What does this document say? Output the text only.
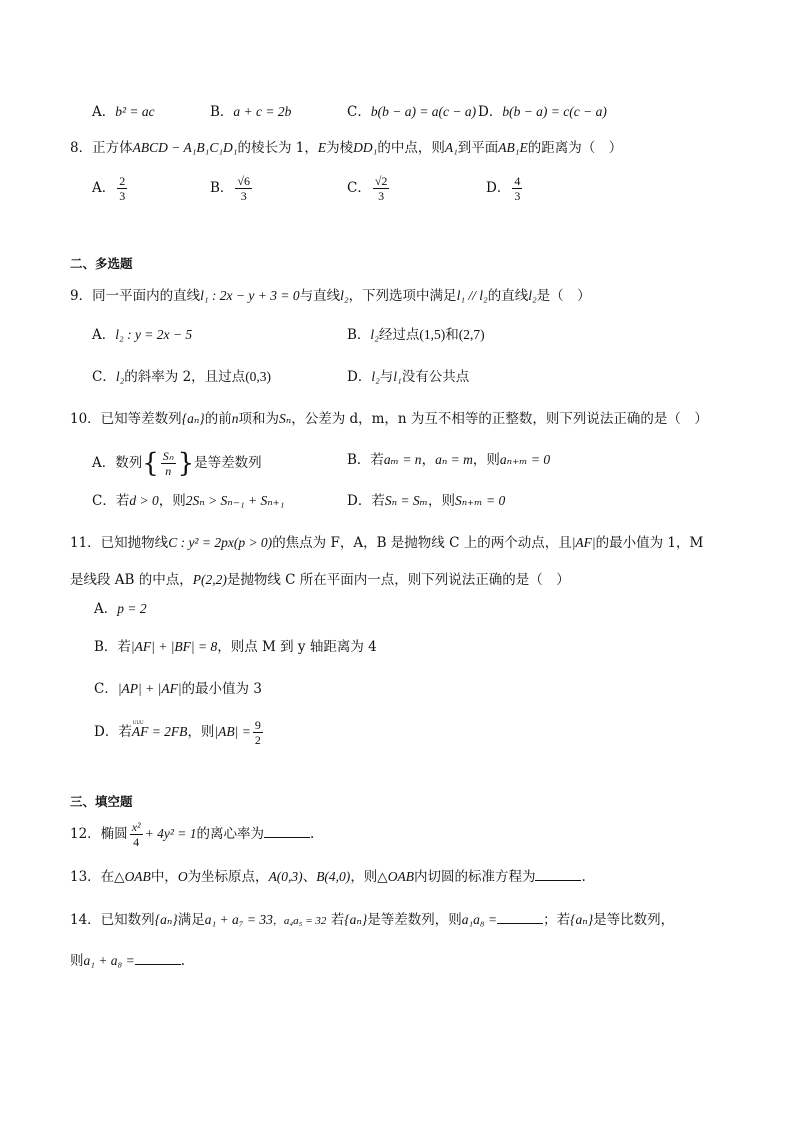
A．b² = ac	B．a + c = 2b	C．b(b − a) = a(c − a) D．b(b − a) = c(c − a)
8．正方体ABCD − A₁B₁C₁D₁的棱长为 1，E为棱DD₁的中点，则A₁到平面AB₁E的距离为（　）
A． $\frac{2}{3}$	B． $\frac{√6}{3}$	C． $\frac{√2}{3}$	D． $\frac{4}{3}$
二、多选题
9．同一平面内的直线l₁ : 2x − y + 3 = 0与直线l₂，下列选项中满足l₁ // l₂的直线l₂是（　）
A．l₂ : y = 2x − 5	B．l₂经过点(1,5)和(2,7)
C．l₂的斜率为 2，且过点(0,3)	D．l₂与l₁没有公共点
10．已知等差数列{aₙ}的前n项和为Sₙ，公差为 d，m，n 为互不相等的正整数，则下列说法正确的是（　）
A．数列{ $\frac{\text{Sₙ}}{n}$ }是等差数列	B．若aₘ = n，aₙ = m，则aₙ₊ₘ = 0
C．若d > 0，则2Sₙ > Sₙ₋₁ + Sₙ₊₁	D．若Sₙ = Sₘ，则Sₙ₊ₘ = 0
11．已知抛物线C : y² = 2px(p > 0)的焦点为 F，A，B 是抛物线 C 上的两个动点，且|AF|的最小值为 1，M
是线段 AB 的中点，P(2,2)是抛物线 C 所在平面内一点，则下列说法正确的是（　）
A．p = 2
B．若|AF| + |BF| = 8，则点 M 到 y 轴距离为 4
C．|AP| + |AF|的最小值为 3
D．若UUU AF = 2FB，则$|AB| = \frac{9}{2}$
三、填空题
12．椭圆 $\frac{\text{x²}}{4} + 4y^2 = 1$的离心率为	.
13．在△OAB中，O为坐标原点，A(0,3)、B(4,0)，则△OAB内切圆的标准方程为	.
14．已知数列{aₙ}满足a₁ + a₇ = 33，a₄a₅ = 32 若{aₙ}是等差数列，则a₁a₈ =	；若{aₙ}是等比数列，
则a₁ + a₈ =	.
